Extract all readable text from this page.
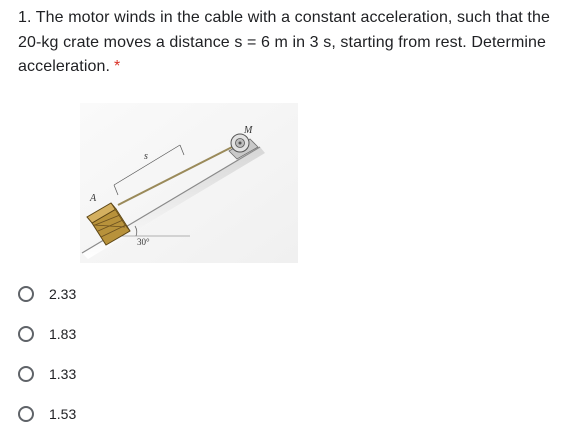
1. The motor winds in the cable with a constant acceleration, such that the 20-kg crate moves a distance s = 6 m in 3 s, starting from rest. Determine acceleration. *
A
s
M
30°
2.33
1.83
1.33
1.53
